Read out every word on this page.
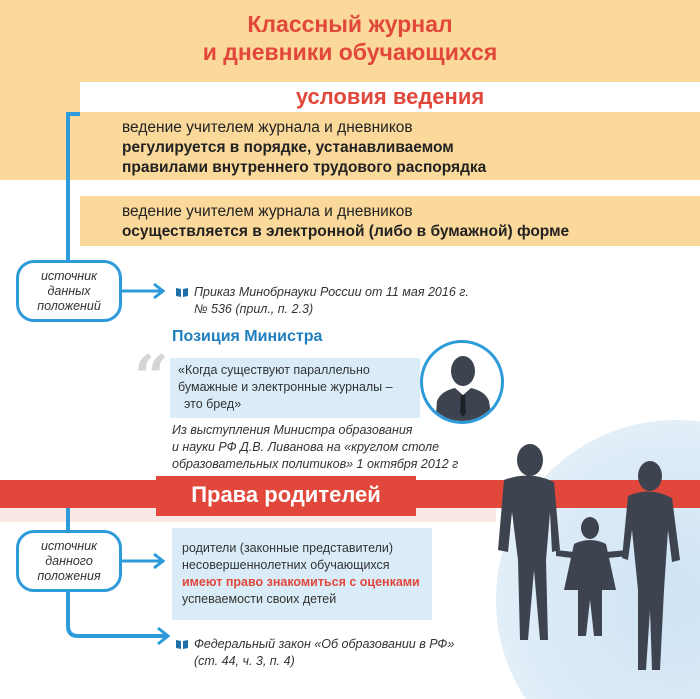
Классный журнал
и дневники обучающихся
условия ведения
ведение учителем журнала и дневников
регулируется в порядке, устанавливаемом
правилами внутреннего трудового распорядка
ведение учителем журнала и дневников
осуществляется в электронной (либо в бумажной) форме
источник
данных
положений
Приказ Минобрнауки России от 11 мая 2016 г.
№ 536 (прил., п. 2.3)
Позиция Министра
“ «Когда существуют параллельно
бумажные и электронные журналы –
это бред»
Из выступления Министра образования
и науки РФ Д.В. Ливанова на «круглом столе
образовательных политиков» 1 октября 2012 г
Права родителей
источник
данного
положения
родители (законные представители)
несовершеннолетних обучающихся
имеют право знакомиться с оценками
успеваемости своих детей
Федеральный закон «Об образовании в РФ»
(ст. 44, ч. 3, п. 4)
